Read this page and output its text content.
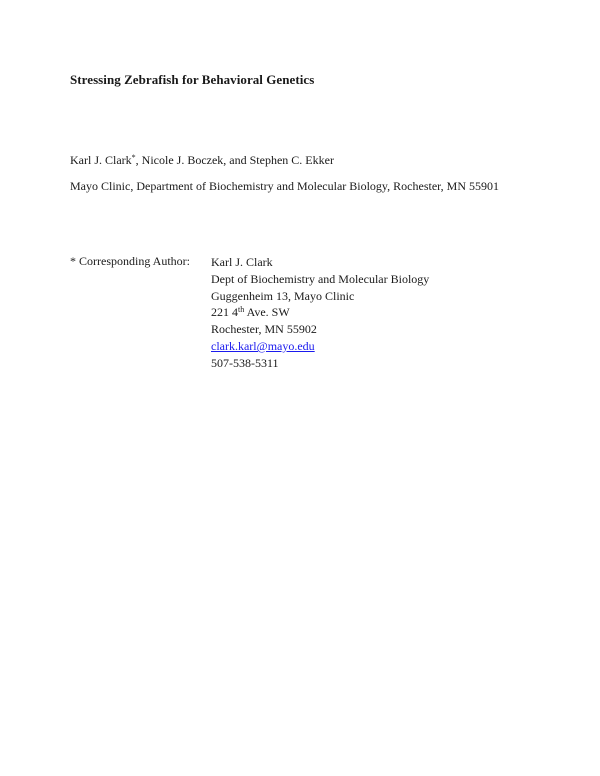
Stressing Zebrafish for Behavioral Genetics
Karl J. Clark*, Nicole J. Boczek, and Stephen C. Ekker
Mayo Clinic, Department of Biochemistry and Molecular Biology, Rochester, MN 55901
* Corresponding Author: Karl J. Clark
Dept of Biochemistry and Molecular Biology
Guggenheim 13, Mayo Clinic
221 4th Ave. SW
Rochester, MN 55902
clark.karl@mayo.edu
507-538-5311
